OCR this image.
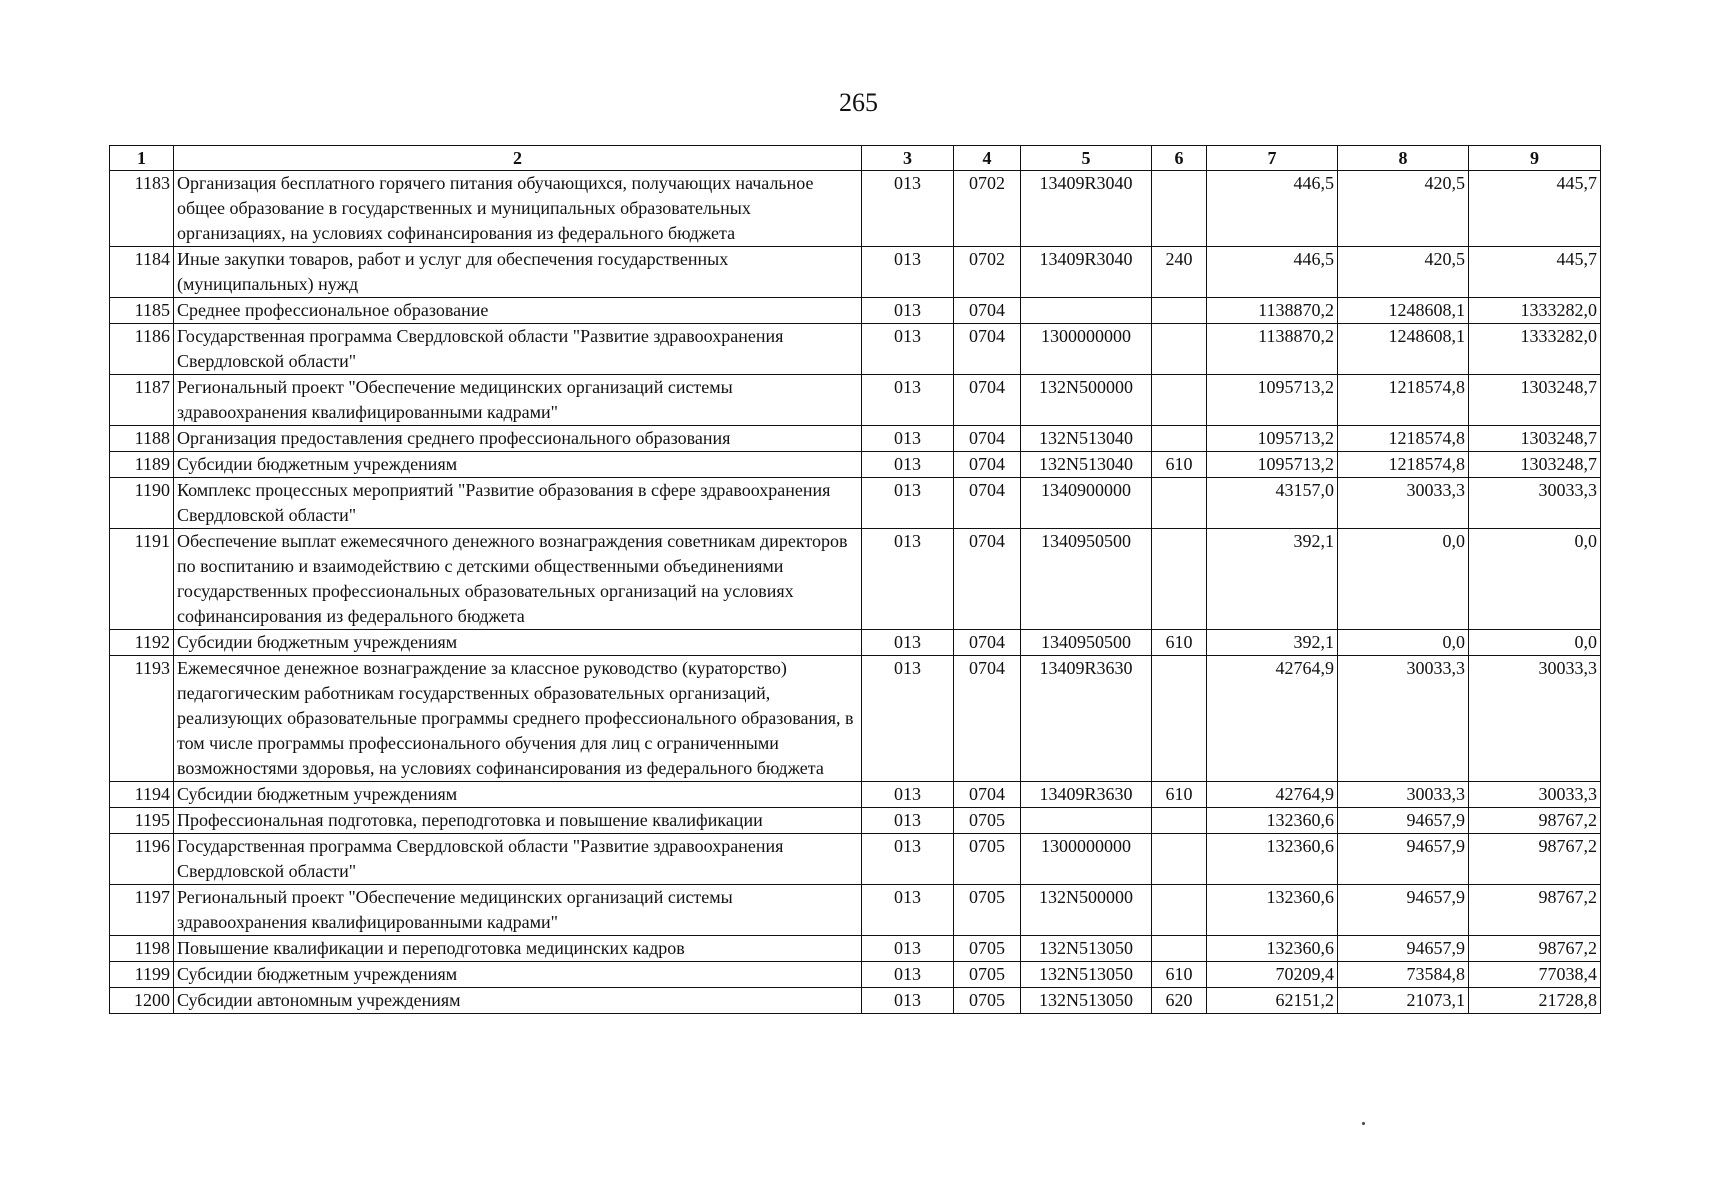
265
1	2	3	4	5	6	7	8	9
1183	Организация бесплатного горячего питания обучающихся, получающих начальное общее образование в государственных и муниципальных образовательных организациях, на условиях софинансирования из федерального бюджета	013	0702	13409R3040		446,5	420,5	445,7
1184	Иные закупки товаров, работ и услуг для обеспечения государственных (муниципальных) нужд	013	0702	13409R3040	240	446,5	420,5	445,7
1185	Среднее профессиональное образование	013	0704			1138870,2	1248608,1	1333282,0
1186	Государственная программа Свердловской области "Развитие здравоохранения Свердловской области"	013	0704	1300000000		1138870,2	1248608,1	1333282,0
1187	Региональный проект "Обеспечение медицинских организаций системы здравоохранения квалифицированными кадрами"	013	0704	132N500000		1095713,2	1218574,8	1303248,7
1188	Организация предоставления среднего профессионального образования	013	0704	132N513040		1095713,2	1218574,8	1303248,7
1189	Субсидии бюджетным учреждениям	013	0704	132N513040	610	1095713,2	1218574,8	1303248,7
1190	Комплекс процессных мероприятий "Развитие образования в сфере здравоохранения Свердловской области"	013	0704	1340900000		43157,0	30033,3	30033,3
1191	Обеспечение выплат ежемесячного денежного вознаграждения советникам директоров по воспитанию и взаимодействию с детскими общественными объединениями государственных профессиональных образовательных организаций на условиях софинансирования из федерального бюджета	013	0704	1340950500		392,1	0,0	0,0
1192	Субсидии бюджетным учреждениям	013	0704	1340950500	610	392,1	0,0	0,0
1193	Ежемесячное денежное вознаграждение за классное руководство (кураторство) педагогическим работникам государственных образовательных организаций, реализующих образовательные программы среднего профессионального образования, в том числе программы профессионального обучения для лиц с ограниченными возможностями здоровья, на условиях софинансирования из федерального бюджета	013	0704	13409R3630		42764,9	30033,3	30033,3
1194	Субсидии бюджетным учреждениям	013	0704	13409R3630	610	42764,9	30033,3	30033,3
1195	Профессиональная подготовка, переподготовка и повышение квалификации	013	0705			132360,6	94657,9	98767,2
1196	Государственная программа Свердловской области "Развитие здравоохранения Свердловской области"	013	0705	1300000000		132360,6	94657,9	98767,2
1197	Региональный проект "Обеспечение медицинских организаций системы здравоохранения квалифицированными кадрами"	013	0705	132N500000		132360,6	94657,9	98767,2
1198	Повышение квалификации и переподготовка медицинских кадров	013	0705	132N513050		132360,6	94657,9	98767,2
1199	Субсидии бюджетным учреждениям	013	0705	132N513050	610	70209,4	73584,8	77038,4
1200	Субсидии автономным учреждениям	013	0705	132N513050	620	62151,2	21073,1	21728,8
